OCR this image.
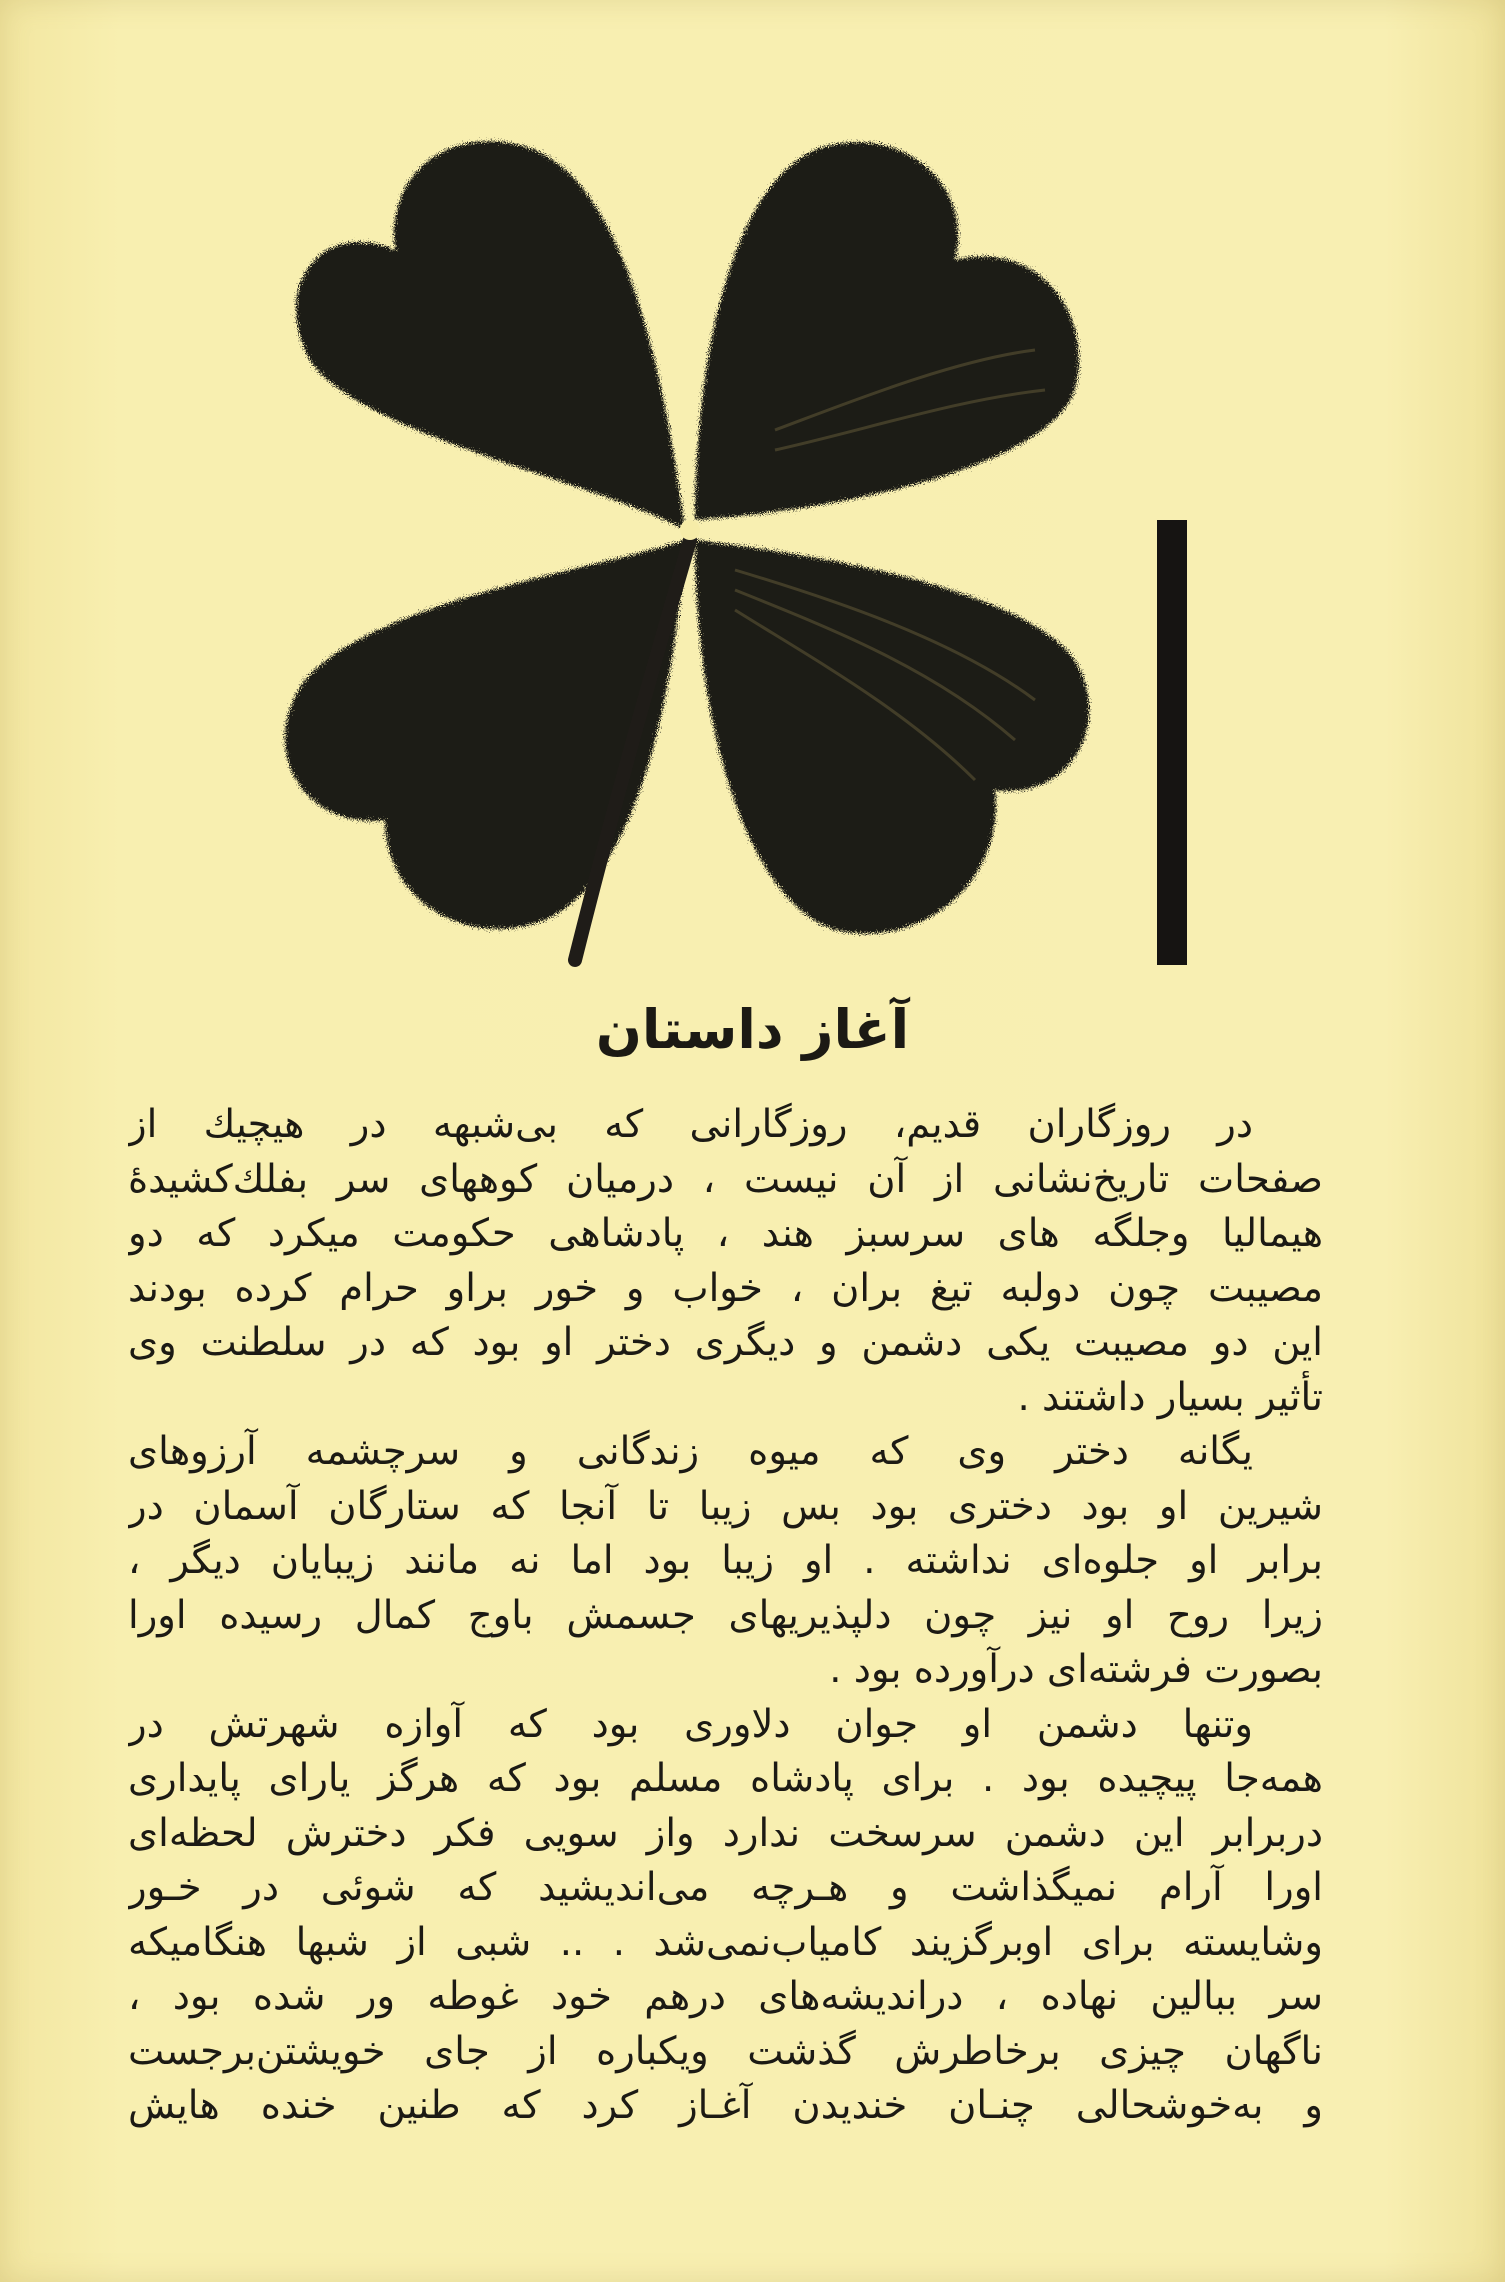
آغاز داستان
در روزگاران قدیم، روزگارانی که بی‌شبهه در هیچیك از
صفحات تاریخ‌نشانی از آن نیست ، درمیان کوههای سر بفلك‌کشیدهٔ
هیمالیا وجلگه های سرسبز هند ، پادشاهی حکومت میکرد که دو
مصیبت چون دولبه تیغ بران ، خواب و خور براو حرام کرده بودند
این دو مصیبت یکی دشمن و دیگری دختر او بود که در سلطنت وی
تأثیر بسیار داشتند .
یگانه دختر وی که میوه زندگانی و سرچشمه آرزوهای
شیرین او بود دختری بود بس زیبا تا آنجا که ستارگان آسمان در
برابر او جلوه‌ای نداشته . او زیبا بود اما نه مانند زیبایان دیگر ،
زیرا روح او نیز چون دلپذیریهای جسمش باوج کمال رسیده اورا
بصورت فرشته‌ای درآورده بود .
وتنها دشمن او جوان دلاوری بود که آوازه شهرتش در
همه‌جا پیچیده بود . برای پادشاه مسلم بود که هرگز یارای پایداری
دربرابر این دشمن سرسخت ندارد واز سویی فکر دخترش لحظه‌ای
اورا آرام نمیگذاشت و هـرچه می‌اندیشید که شوئی در خـور
وشایسته برای اوبرگزیند کامیاب‌نمی‌شد . .. شبی از شبها هنگامیکه
سر ببالین نهاده ، دراندیشه‌های درهم خود غوطه ور شده بود ،
ناگهان چیزی برخاطرش گذشت ویکباره از جای خویشتن‌برجست
و به‌خوشحالی چنـان خندیدن آغـاز کرد که طنین خنده هایش
